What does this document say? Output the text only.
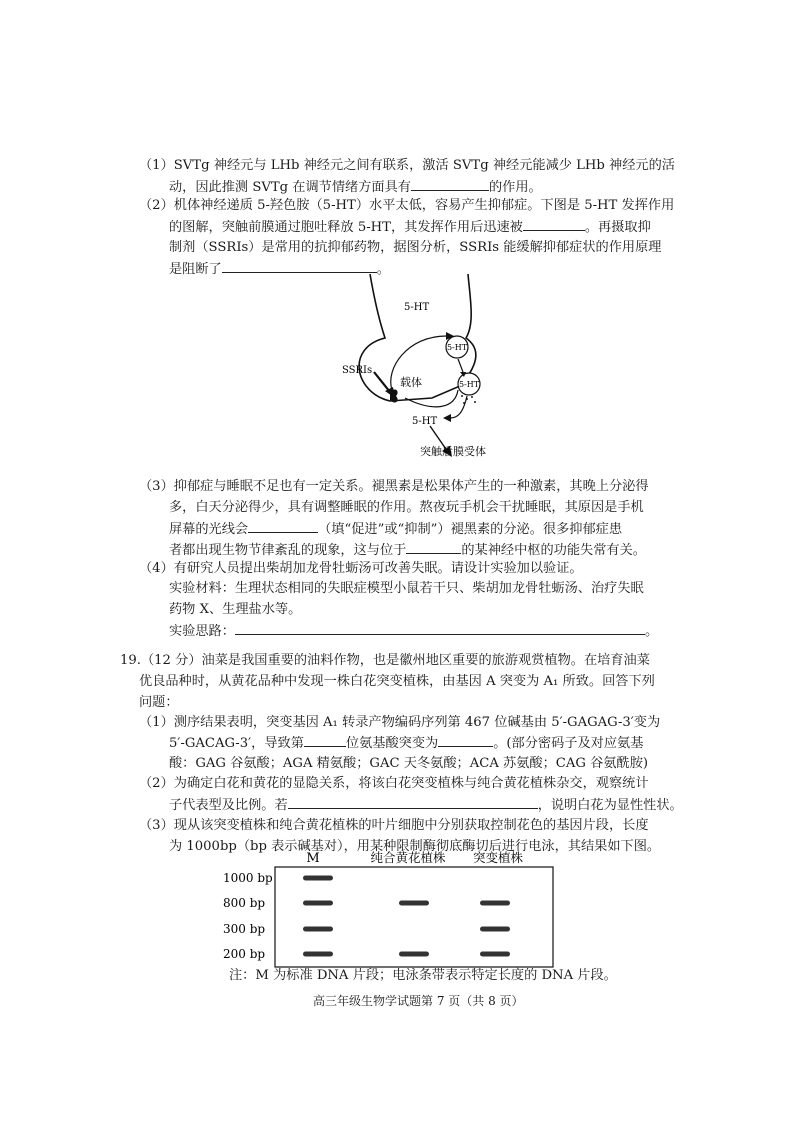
（1）SVTg 神经元与 LHb 神经元之间有联系，激活 SVTg 神经元能减少 LHb 神经元的活
动，因此推测 SVTg 在调节情绪方面具有	的作用。
（2）机体神经递质 5-羟色胺（5-HT）水平太低，容易产生抑郁症。下图是 5-HT 发挥作用
的图解，突触前膜通过胞吐释放 5-HT，其发挥作用后迅速被	。再摄取抑
制剂（SSRIs）是常用的抗抑郁药物，据图分析，SSRIs 能缓解抑郁症状的作用原理
是阻断了	。
5-HT
5-HT
5-HT
SSRIs
载体
5-HT
突触后膜受体
（3）抑郁症与睡眠不足也有一定关系。褪黑素是松果体产生的一种激素，其晚上分泌得
多，白天分泌得少，具有调整睡眠的作用。熬夜玩手机会干扰睡眠，其原因是手机
屏幕的光线会	（填“促进”或“抑制”）褪黑素的分泌。很多抑郁症患
者都出现生物节律紊乱的现象，这与位于	的某神经中枢的功能失常有关。
（4）有研究人员提出柴胡加龙骨牡蛎汤可改善失眠。请设计实验加以验证。
实验材料：生理状态相同的失眠症模型小鼠若干只、柴胡加龙骨牡蛎汤、治疗失眠
药物 X、生理盐水等。
实验思路：	。
19.（12 分）油菜是我国重要的油料作物，也是徽州地区重要的旅游观赏植物。在培育油菜
优良品种时，从黄花品种中发现一株白花突变植株，由基因 A 突变为 A₁ 所致。回答下列
问题：
（1）测序结果表明，突变基因 A₁ 转录产物编码序列第 467 位碱基由 5′-GAGAG-3′变为
5′-GACAG-3′，导致第	位氨基酸突变为	。(部分密码子及对应氨基
酸：GAG 谷氨酸；AGA 精氨酸；GAC 天冬氨酸；ACA 苏氨酸；CAG 谷氨酰胺)
（2）为确定白花和黄花的显隐关系，将该白花突变植株与纯合黄花植株杂交，观察统计
子代表型及比例。若	，说明白花为显性性状。
（3）现从该突变植株和纯合黄花植株的叶片细胞中分别获取控制花色的基因片段，长度
为 1000bp（bp 表示碱基对），用某种限制酶彻底酶切后进行电泳，其结果如下图。
M	纯合黄花植株 突变植株
1000 bp
800 bp
300 bp
200 bp
注：M 为标准 DNA 片段；电泳条带表示特定长度的 DNA 片段。
高三年级生物学试题第 7 页（共 8 页）
